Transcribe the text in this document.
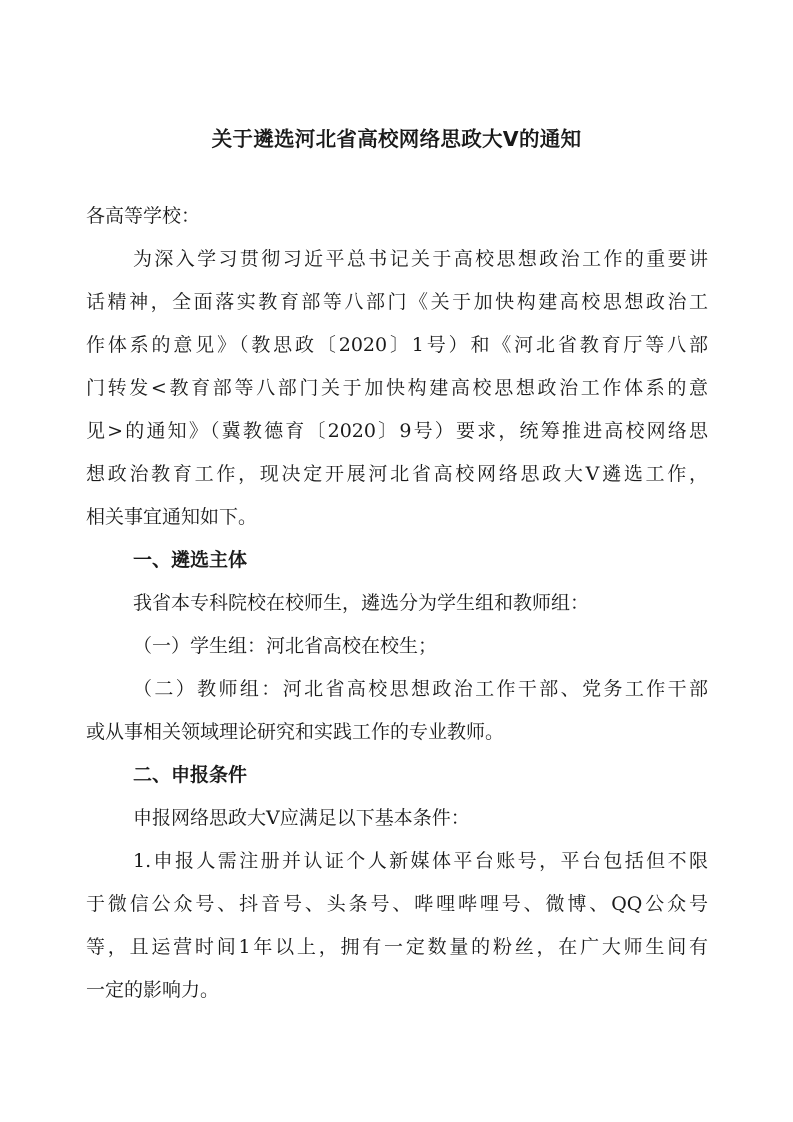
关于遴选河北省高校网络思政大V的通知
各高等学校：
为深入学习贯彻习近平总书记关于高校思想政治工作的重要讲
话精神，全面落实教育部等八部门《关于加快构建高校思想政治工
作体系的意见》（教思政〔2020〕1号）和《河北省教育厅等八部
门转发<教育部等八部门关于加快构建高校思想政治工作体系的意
见>的通知》（冀教德育〔2020〕9号）要求，统筹推进高校网络思
想政治教育工作，现决定开展河北省高校网络思政大V遴选工作，
相关事宜通知如下。
一、遴选主体
我省本专科院校在校师生，遴选分为学生组和教师组：
（一）学生组：河北省高校在校生；
（二）教师组：河北省高校思想政治工作干部、党务工作干部
或从事相关领域理论研究和实践工作的专业教师。
二、申报条件
申报网络思政大V应满足以下基本条件：
1.申报人需注册并认证个人新媒体平台账号，平台包括但不限
于微信公众号、抖音号、头条号、哔哩哔哩号、微博、QQ公众号
等，且运营时间1年以上，拥有一定数量的粉丝，在广大师生间有
一定的影响力。
